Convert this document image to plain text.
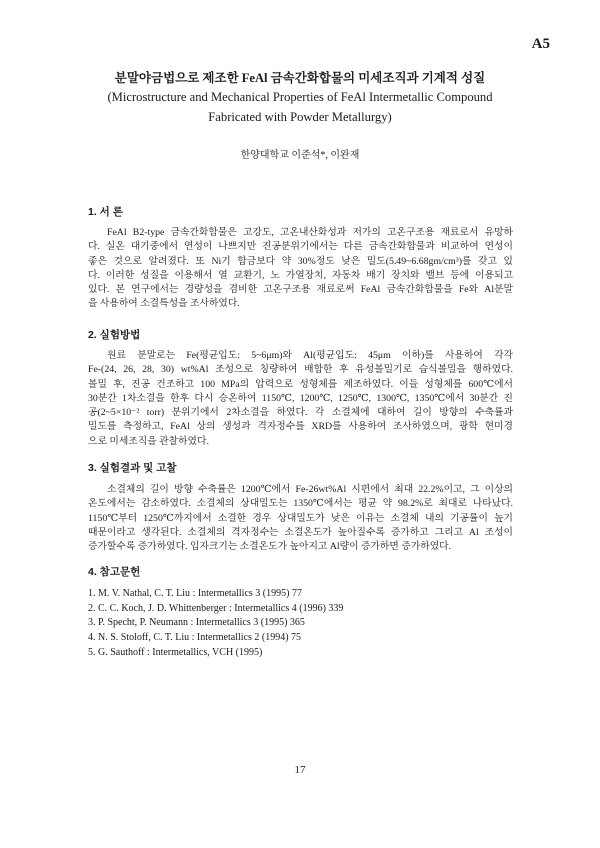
A5
분말야금법으로 제조한 FeAl 금속간화합물의 미세조직과 기계적 성질
(Microstructure and Mechanical Properties of FeAl Intermetallic Compound
Fabricated with Powder Metallurgy)
한양대학교 이준석*, 이완재
1. 서 론
FeAl B2-type 금속간화합물은 고강도, 고온내산화성과 저가의 고온구조용 재료로서 유망하
다. 실온 대기중에서 연성이 나쁘지만 진공분위기에서는 다른 금속간화합물과 비교하여 연성이
좋은 것으로 알려졌다. 또 Ni기 합금보다 약 30%정도 낮은 밀도(5.49~6.68gm/cm³)를 갖고 있
다. 이러한 성질을 이용해서 열 교환기, 노 가열장치, 자동차 배기 장치와 밸브 등에 이용되고
있다. 본 연구에서는 경량성을 겸비한 고온구조용 재료로써 FeAl 금속간화합물을 Fe와 Al분말
을 사용하여 소결특성을 조사하였다.
2. 실험방법
원료 분말로는 Fe(평균입도: 5~6μm)와 Al(평균입도: 45μm 이하)를 사용하여 각각
Fe-(24, 26, 28, 30) wt%Al 조성으로 칭량하여 배합한 후 유성볼밀기로 습식볼밀을 행하였다.
볼밀 후, 진공 건조하고 100 MPa의 압력으로 성형체를 제조하였다. 이들 성형체를 600℃에서
30분간 1차소결을 한후 다시 승온하여 1150℃, 1200℃, 1250℃, 1300℃, 1350℃에서 30분간 진
공(2~5×10⁻² torr) 분위기에서 2차소결을 하였다. 각 소결체에 대하여 길이 방향의 수축률과
밀도를 측정하고, FeAl 상의 생성과 격자정수를 XRD를 사용하여 조사하였으며, 광학 현미경
으로 미세조직을 관찰하였다.
3. 실험결과 및 고찰
소결체의 길이 방향 수축률은 1200℃에서 Fe-26wt%Al 시편에서 최대 22.2%이고, 그 이상의
온도에서는 감소하였다. 소결체의 상대밀도는 1350℃에서는 평균 약 98.2%로 최대로 나타났다.
1150℃부터 1250℃까지에서 소결한 경우 상대밀도가 낮은 이유는 소결체 내의 기공률이 높기
때문이라고 생각된다. 소결체의 격자정수는 소결온도가 높아질수록 증가하고 그리고 Al 조성이
증가할수록 증가하였다. 입자크기는 소결온도가 높아지고 Al량이 증가하면 증가하였다.
4. 참고문헌
1. M. V. Nathal, C. T. Liu : Intermetallics 3 (1995) 77
2. C. C. Koch, J. D. Whittenberger : Intermetallics 4 (1996) 339
3. P. Specht, P. Neumann : Intermetallics 3 (1995) 365
4. N. S. Stoloff, C. T. Liu : Intermetallics 2 (1994) 75
5. G. Sauthoff : Intermetallics, VCH (1995)
17
